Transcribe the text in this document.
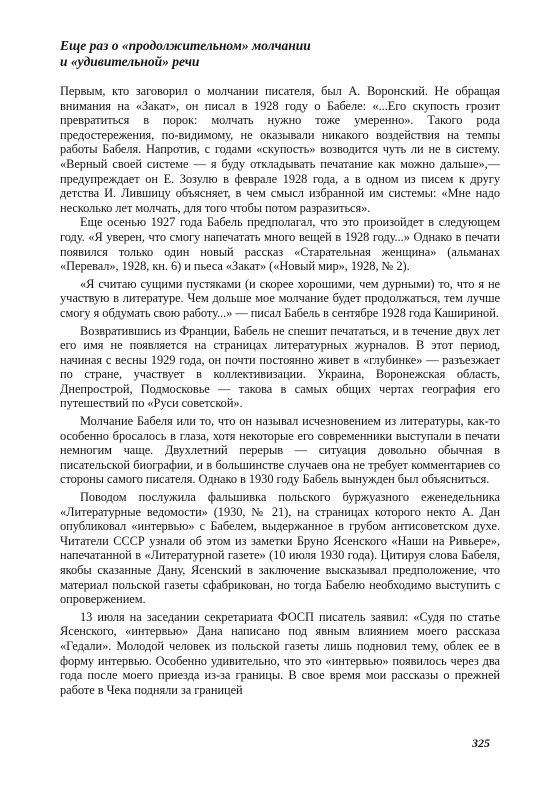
Еще раз о «продолжительном» молчании
и «удивительной» речи

Первым, кто заговорил о молчании писателя, был А. Воронский. Не обращая внимания на «Закат», он писал в 1928 году о Бабеле: «...Его скупость грозит превратиться в порок: молчать нужно тоже умеренно». Такого рода предостережения, по-видимому, не оказывали никакого воздействия на темпы работы Бабеля. Напротив, с годами «скупость» возводится чуть ли не в систему. «Верный своей системе — я буду откладывать печатание как можно дальше»,— предупреждает он Е. Зозулю в феврале 1928 года, а в одном из писем к другу детства И. Лившицу объясняет, в чем смысл избранной им системы: «Мне надо несколько лет молчать, для того чтобы потом разразиться».

Еще осенью 1927 года Бабель предполагал, что это произойдет в следующем году. «Я уверен, что смогу напечатать много вещей в 1928 году...» Однако в печати появился только один новый рассказ «Старательная женщина» (альманах «Перевал», 1928, кн. 6) и пьеса «Закат» («Новый мир», 1928, № 2).

«Я считаю сущими пустяками (и скорее хорошими, чем дурными) то, что я не участвую в литературе. Чем дольше мое молчание будет продолжаться, тем лучше смогу я обдумать свою работу...» — писал Бабель в сентябре 1928 года Кашириной.

Возвратившись из Франции, Бабель не спешит печататься, и в течение двух лет его имя не появляется на страницах литературных журналов. В этот период, начиная с весны 1929 года, он почти постоянно живет в «глубинке» — разъезжает по стране, участвует в коллективизации. Украина, Воронежская область, Днепрострой, Подмосковье — такова в самых общих чертах география его путешествий по «Руси советской».

Молчание Бабеля или то, что он называл исчезновением из литературы, как-то особенно бросалось в глаза, хотя некоторые его современники выступали в печати немногим чаще. Двухлетний перерыв — ситуация довольно обычная в писательской биографии, и в большинстве случаев она не требует комментариев со стороны самого писателя. Однако в 1930 году Бабель вынужден был объясниться.

Поводом послужила фальшивка польского буржуазного еженедельника «Литературные ведомости» (1930, № 21), на страницах которого некто А. Дан опубликовал «интервью» с Бабелем, выдержанное в грубом антисоветском духе. Читатели СССР узнали об этом из заметки Бруно Ясенского «Наши на Ривьере», напечатанной в «Литературной газете» (10 июля 1930 года). Цитируя слова Бабеля, якобы сказанные Дану, Ясенский в заключение высказывал предположение, что материал польской газеты сфабрикован, но тогда Бабелю необходимо выступить с опровержением.

13 июля на заседании секретариата ФОСП писатель заявил: «Судя по статье Ясенского, «интервью» Дана написано под явным влиянием моего рассказа «Гедали». Молодой человек из польской газеты лишь подновил тему, облек ее в форму интервью. Особенно удивительно, что это «интервью» появилось через два года после моего приезда из-за границы. В свое время мои рассказы о прежней работе в Чека подняли за границей

325
